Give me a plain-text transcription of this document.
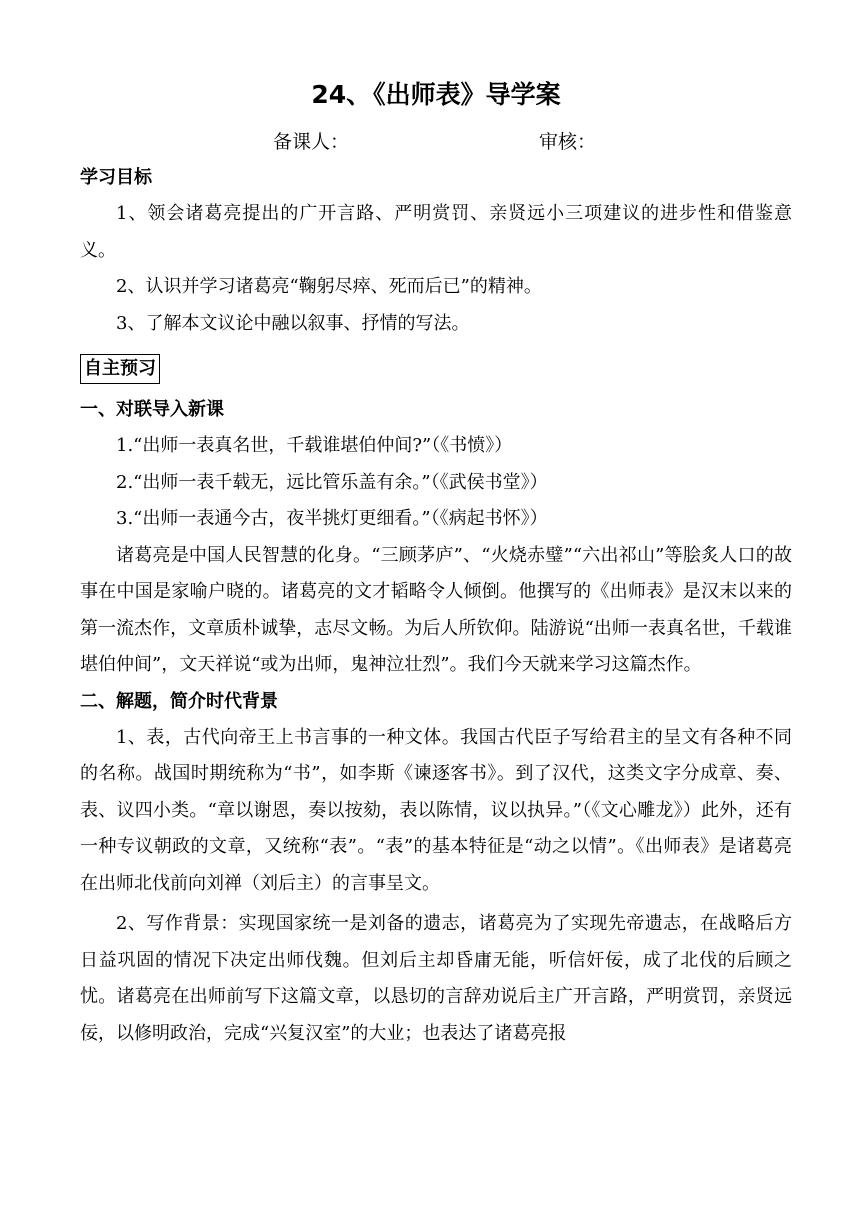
24、《出师表》导学案
备课人：	审核：
学习目标

1、领会诸葛亮提出的广开言路、严明赏罚、亲贤远小三项建议的进步性和借鉴意义。

2、认识并学习诸葛亮“鞠躬尽瘁、死而后已”的精神。

3、了解本文议论中融以叙事、抒情的写法。

自主预习
一、对联导入新课
1.“出师一表真名世，千载谁堪伯仲间?”（《书愤》）
2.“出师一表千载无，远比管乐盖有余。”（《武侯书堂》）
3.“出师一表通今古，夜半挑灯更细看。”（《病起书怀》）

诸葛亮是中国人民智慧的化身。“三顾茅庐”、“火烧赤璧”“六出祁山”等脍炙人口的故事在中国是家喻户晓的。诸葛亮的文才韬略令人倾倒。他撰写的《出师表》是汉末以来的第一流杰作，文章质朴诚挚，志尽文畅。为后人所钦仰。陆游说“出师一表真名世，千载谁堪伯仲间”，文天祥说“或为出师，鬼神泣壮烈”。我们今天就来学习这篇杰作。

二、解题，简介时代背景

1、表，古代向帝王上书言事的一种文体。我国古代臣子写给君主的呈文有各种不同的名称。战国时期统称为“书”，如李斯《谏逐客书》。到了汉代，这类文字分成章、奏、表、议四小类。“章以谢恩，奏以按劾，表以陈情，议以执异。”（《文心雕龙》）此外，还有一种专议朝政的文章，又统称“表”。“表”的基本特征是“动之以情”。《出师表》是诸葛亮在出师北伐前向刘禅（刘后主）的言事呈文。

2、写作背景：实现国家统一是刘备的遗志，诸葛亮为了实现先帝遗志，在战略后方日益巩固的情况下决定出师伐魏。但刘后主却昏庸无能，听信奸佞，成了北伐的后顾之忧。诸葛亮在出师前写下这篇文章，以恳切的言辞劝说后主广开言路，严明赏罚，亲贤远佞，以修明政治，完成“兴复汉室”的大业；也表达了诸葛亮报
